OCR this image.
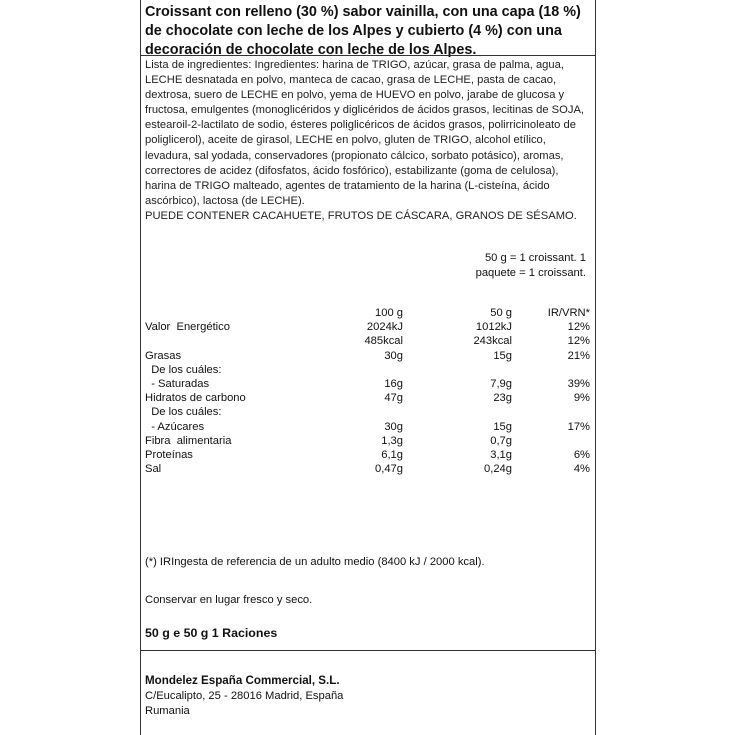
Croissant con relleno (30 %) sabor vainilla, con una capa (18 %) de chocolate con leche de los Alpes y cubierto (4 %) con una decoración de chocolate con leche de los Alpes.

Lista de ingredientes: Ingredientes: harina de TRIGO, azúcar, grasa de palma, agua, LECHE desnatada en polvo, manteca de cacao, grasa de LECHE, pasta de cacao, dextrosa, suero de LECHE en polvo, yema de HUEVO en polvo, jarabe de glucosa y fructosa, emulgentes (monoglicéridos y diglicéridos de ácidos grasos, lecitinas de SOJA, estearoil-2-lactilato de sodio, ésteres poliglicéricos de ácidos grasos, polirricinoleato de poliglicerol), aceite de girasol, LECHE en polvo, gluten de TRIGO, alcohol etílico, levadura, sal yodada, conservadores (propionato cálcico, sorbato potásico), aromas, correctores de acidez (difosfatos, ácido fosfórico), estabilizante (goma de celulosa), harina de TRIGO malteado, agentes de tratamiento de la harina (L-cisteína, ácido ascórbico), lactosa (de LECHE).

PUEDE CONTENER CACAHUETE, FRUTOS DE CÁSCARA, GRANOS DE SÉSAMO.

50 g = 1 croissant. 1
paquete = 1 croissant.
100 g	50 g	IR/VRN*
Valor  Energético	2024kJ	1012kJ	12%
485kcal	243kcal	12%
Grasas	30g	15g	21%
De los cuáles:
- Saturadas	16g	7,9g	39%
Hidratos de carbono	47g	23g	9%
De los cuáles:
- Azúcares	30g	15g	17%
Fibra  alimentaria	1,3g	0,7g
Proteínas	6,1g	3,1g	6%
Sal	0,47g	0,24g	4%

(*) IRIngesta de referencia de un adulto medio (8400 kJ / 2000 kcal).

Conservar en lugar fresco y seco.

50 g e 50 g 1 Raciones

Mondelez España Commercial, S.L.
C/Eucalipto, 25 - 28016 Madrid, España
Rumania
